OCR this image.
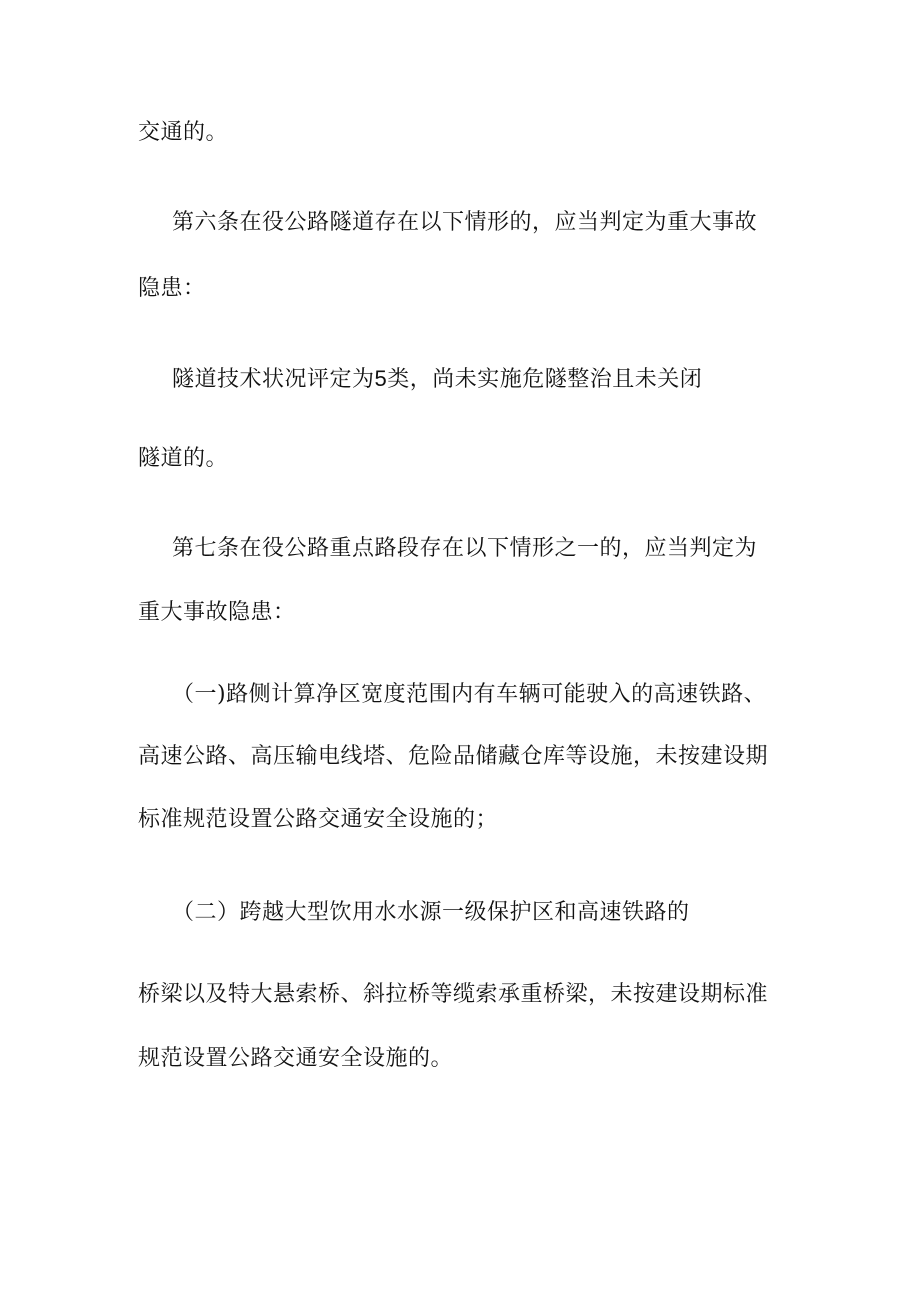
交通的。
第六条在役公路隧道存在以下情形的，应当判定为重大事故
隐患：
隧道技术状况评定为5类，尚未实施危隧整治且未关闭
隧道的。
第七条在役公路重点路段存在以下情形之一的，应当判定为
重大事故隐患：
（一)路侧计算净区宽度范围内有车辆可能驶入的高速铁路、
高速公路、高压输电线塔、危险品储藏仓库等设施，未按建设期
标准规范设置公路交通安全设施的；
（二）跨越大型饮用水水源一级保护区和高速铁路的
桥梁以及特大悬索桥、斜拉桥等缆索承重桥梁，未按建设期标准
规范设置公路交通安全设施的。
